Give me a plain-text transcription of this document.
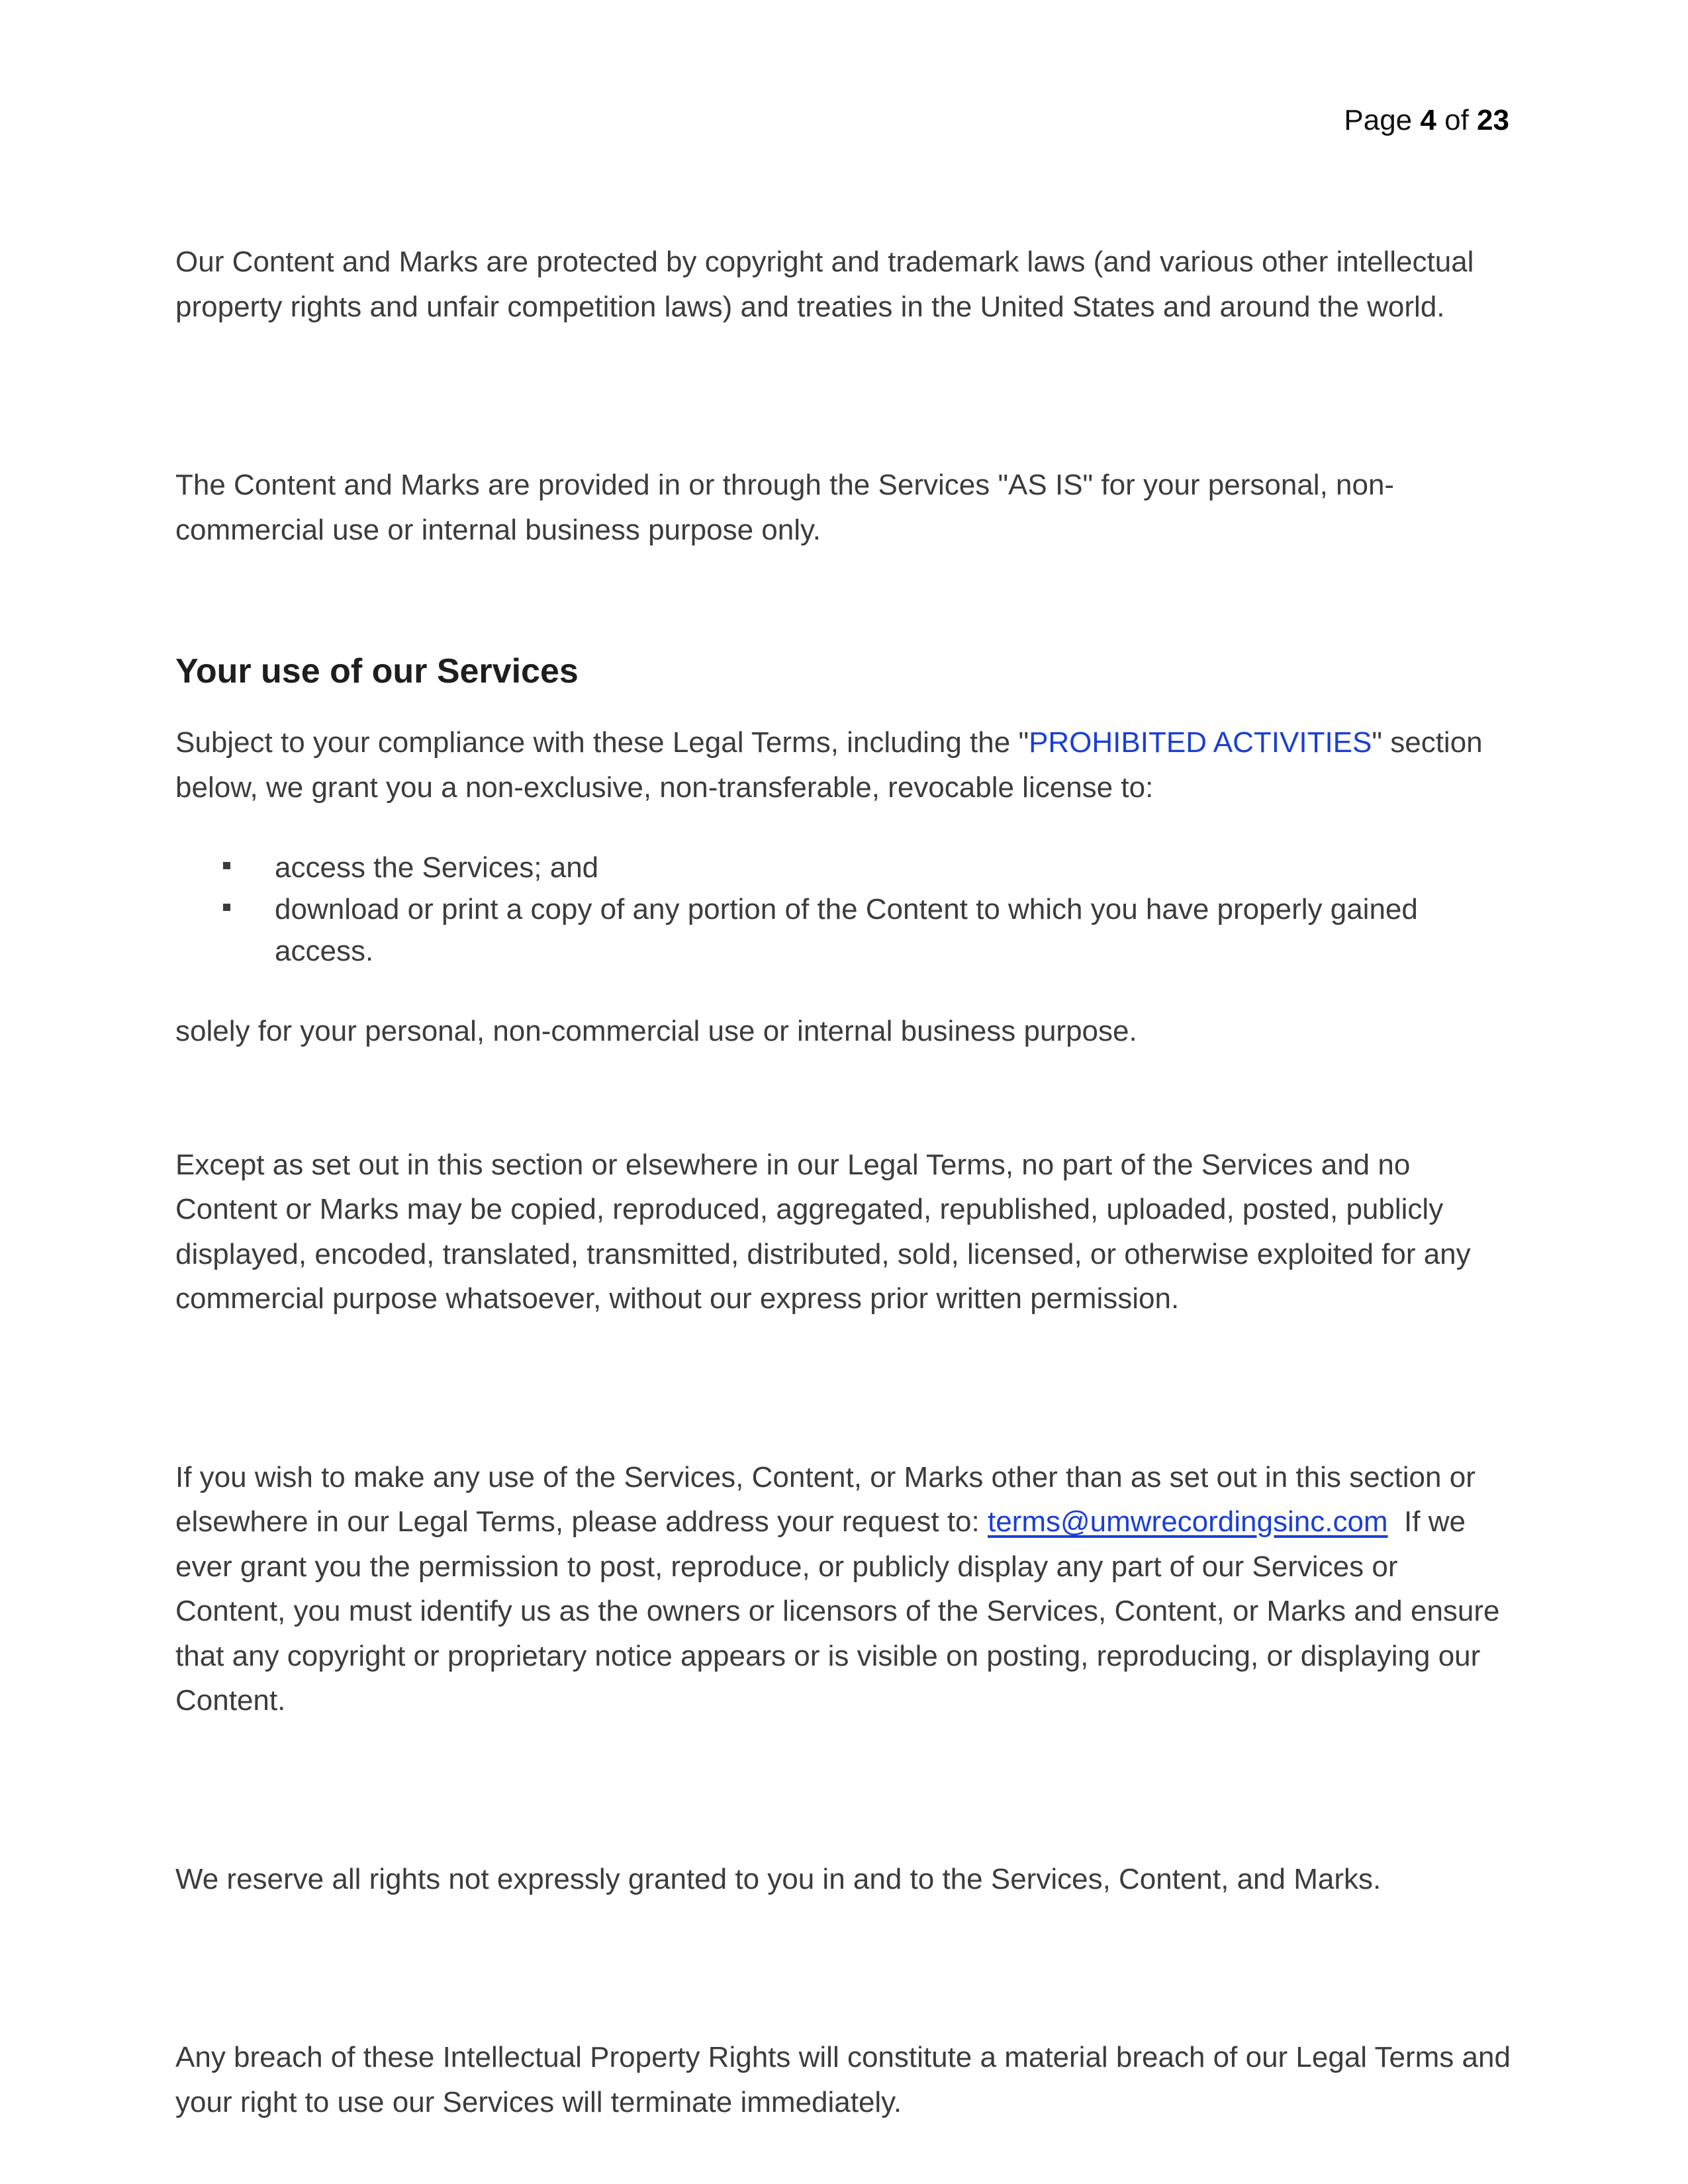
Page 4 of 23

Our Content and Marks are protected by copyright and trademark laws (and various other intellectual property rights and unfair competition laws) and treaties in the United States and around the world.

The Content and Marks are provided in or through the Services "AS IS" for your personal, non-commercial use or internal business purpose only.

Your use of our Services

Subject to your compliance with these Legal Terms, including the "PROHIBITED ACTIVITIES" section below, we grant you a non-exclusive, non-transferable, revocable license to:

access the Services; and
download or print a copy of any portion of the Content to which you have properly gained access.

solely for your personal, non-commercial use or internal business purpose.

Except as set out in this section or elsewhere in our Legal Terms, no part of the Services and no Content or Marks may be copied, reproduced, aggregated, republished, uploaded, posted, publicly displayed, encoded, translated, transmitted, distributed, sold, licensed, or otherwise exploited for any commercial purpose whatsoever, without our express prior written permission.

If you wish to make any use of the Services, Content, or Marks other than as set out in this section or elsewhere in our Legal Terms, please address your request to: terms@umwrecordingsinc.com If we ever grant you the permission to post, reproduce, or publicly display any part of our Services or Content, you must identify us as the owners or licensors of the Services, Content, or Marks and ensure that any copyright or proprietary notice appears or is visible on posting, reproducing, or displaying our Content.

We reserve all rights not expressly granted to you in and to the Services, Content, and Marks.

Any breach of these Intellectual Property Rights will constitute a material breach of our Legal Terms and your right to use our Services will terminate immediately.
